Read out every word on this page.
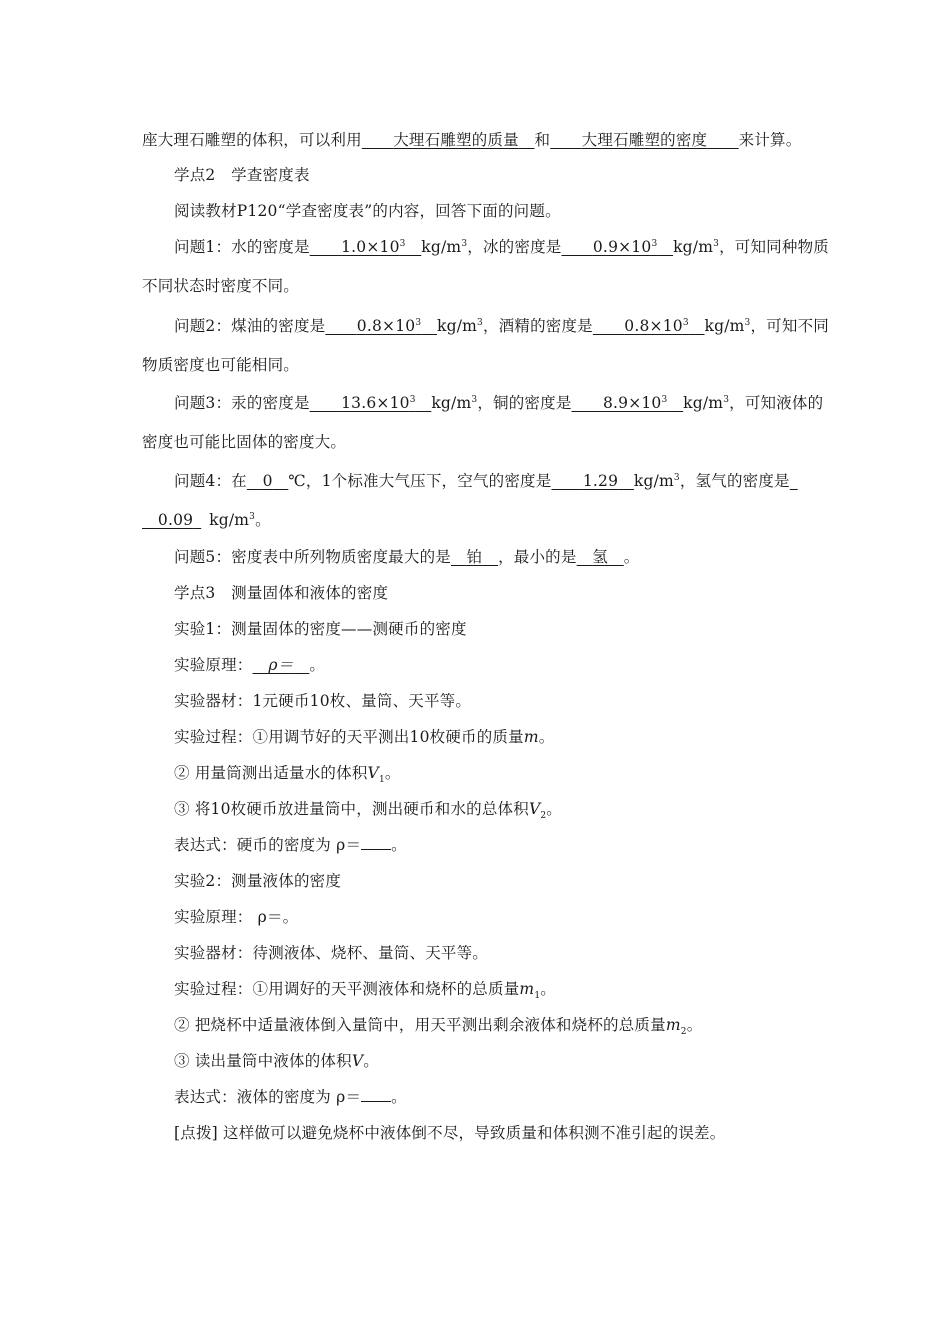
座大理石雕塑的体积，可以利用　　 大理石雕塑的质量　 和　　 大理石雕塑的密度　　 来计算。
学点2　学查密度表
阅读教材P120“学查密度表”的内容，回答下面的问题。
问题1：水的密度是　　 $1.0\times 10^3$　 $kg/m^3$，冰的密度是　　 $0.9\times 10^3$　 $kg/m^3$，可知同种物质
不同状态时密度不同。
问题2：煤油的密度是　　 $0.8\times 10^3$　 $kg/m^3$，酒精的密度是　　 $0.8\times 10^3$　 $kg/m^3$，可知不同
物质密度也可能相同。
问题3：汞的密度是　　 $13.6\times 10^3$　 $kg/m^3$，铜的密度是　　 $8.9\times 10^3$　 $kg/m^3$，可知液体的
密度也可能比固体的密度大。
问题4：在　 0　 ℃，1个标准大气压下，空气的密度是　　 1.29　 $kg/m^3$，氢气的密度是 
  0.09   $kg/m^3$。
问题5：密度表中所列物质密度最大的是　 铂　 ，最小的是　 氢　 。
学点3　测量固体和液体的密度
实验1：测量固体的密度——测硬币的密度
实验原理：   ρ＝   。
实验器材：1元硬币10枚、量筒、天平等。
实验过程：①用调节好的天平测出10枚硬币的质量m。
② 用量筒测出适量水的体积$V_1$。
③ 将10枚硬币放进量筒中，测出硬币和水的总体积$V_2$。
表达式：硬币的密度为 ρ＝ 。
实验2：测量液体的密度
实验原理： ρ＝。
实验器材：待测液体、烧杯、量筒、天平等。
实验过程：①用调好的天平测液体和烧杯的总质量$m_1$。
② 把烧杯中适量液体倒入量筒中，用天平测出剩余液体和烧杯的总质量$m_2$。
③ 读出量筒中液体的体积V。
表达式：液体的密度为 ρ＝ 。
[点拨] 这样做可以避免烧杯中液体倒不尽，导致质量和体积测不准引起的误差。
